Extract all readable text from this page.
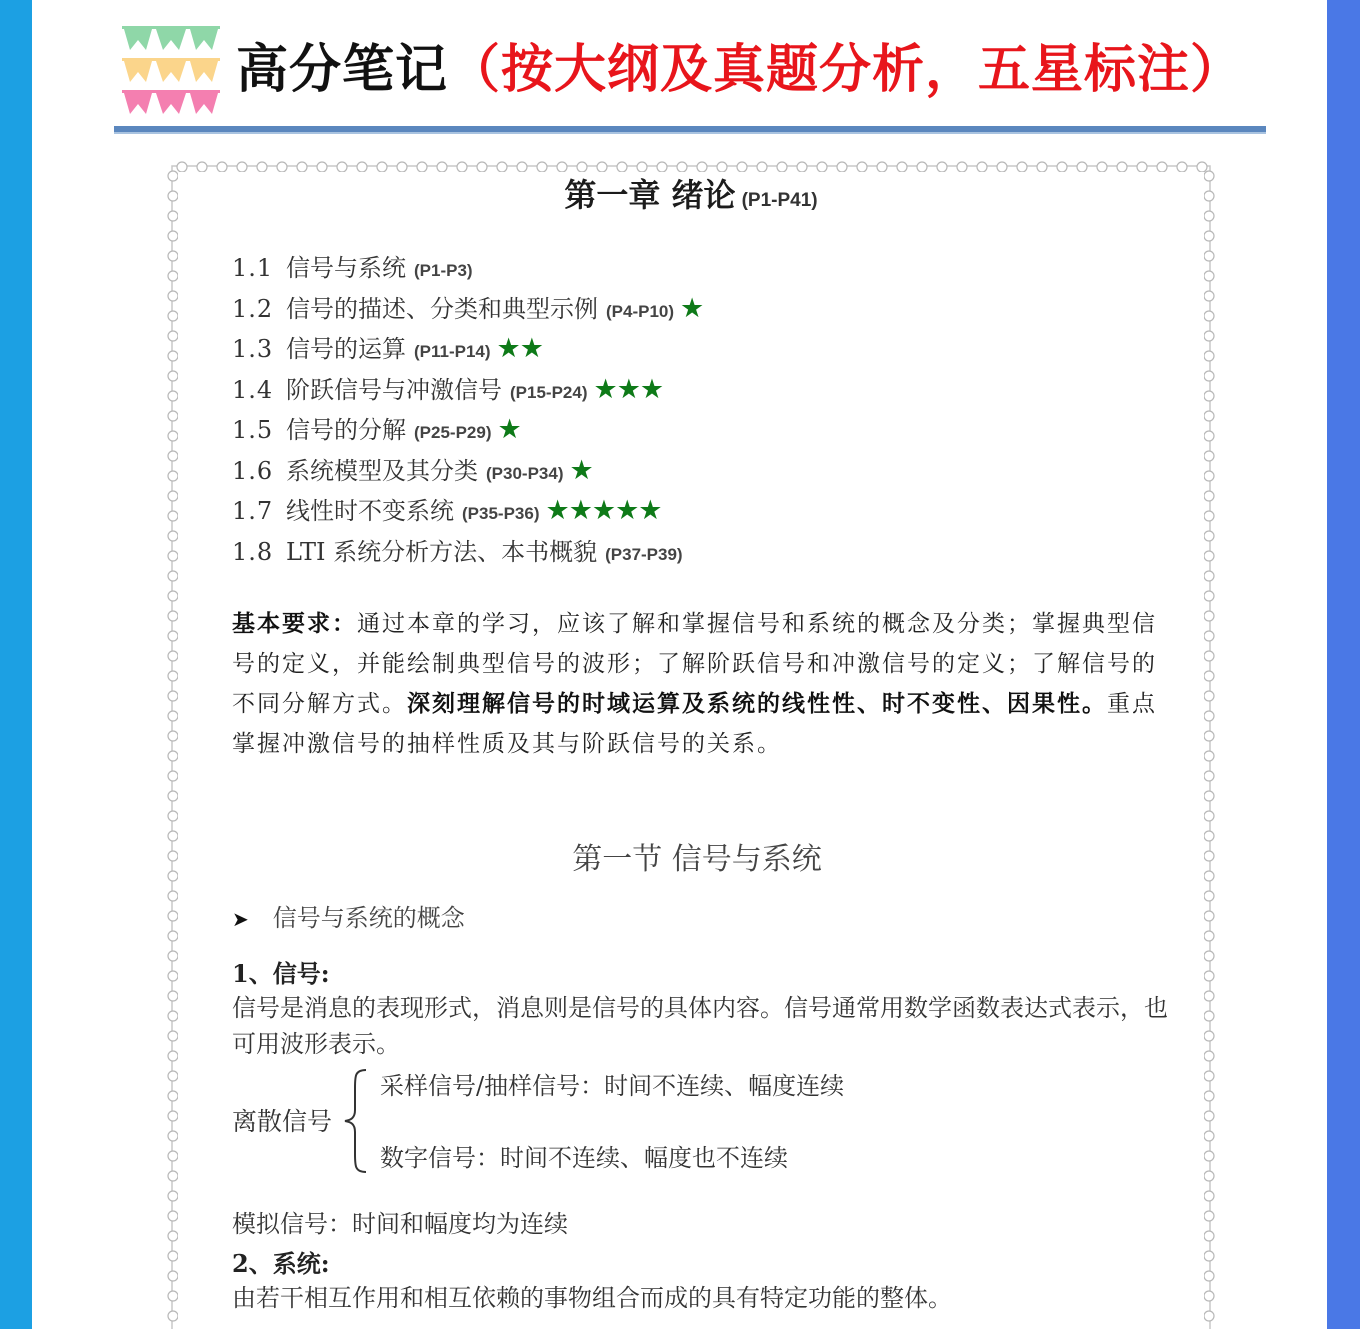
高分笔记（按大纲及真题分析，五星标注）
第一章 绪论 (P1-P41)
1.1 信号与系统 (P1-P3)
1.2 信号的描述、分类和典型示例 (P4-P10) ★
1.3 信号的运算 (P11-P14) ★★
1.4 阶跃信号与冲激信号 (P15-P24) ★★★
1.5 信号的分解 (P25-P29) ★
1.6 系统模型及其分类 (P30-P34) ★
1.7 线性时不变系统 (P35-P36) ★★★★★
1.8 LTI 系统分析方法、本书概貌 (P37-P39)

基本要求：通过本章的学习，应该了解和掌握信号和系统的概念及分类；掌握典型信号的定义，并能绘制典型信号的波形；了解阶跃信号和冲激信号的定义；了解信号的不同分解方式。深刻理解信号的时域运算及系统的线性性、时不变性、因果性。重点掌握冲激信号的抽样性质及其与阶跃信号的关系。

第一节 信号与系统
➤ 信号与系统的概念
1、信号:
信号是消息的表现形式，消息则是信号的具体内容。信号通常用数学函数表达式表示，也可用波形表示。
离散信号
采样信号/抽样信号：时间不连续、幅度连续
数字信号：时间不连续、幅度也不连续
模拟信号：时间和幅度均为连续
2、系统:
由若干相互作用和相互依赖的事物组合而成的具有特定功能的整体。
